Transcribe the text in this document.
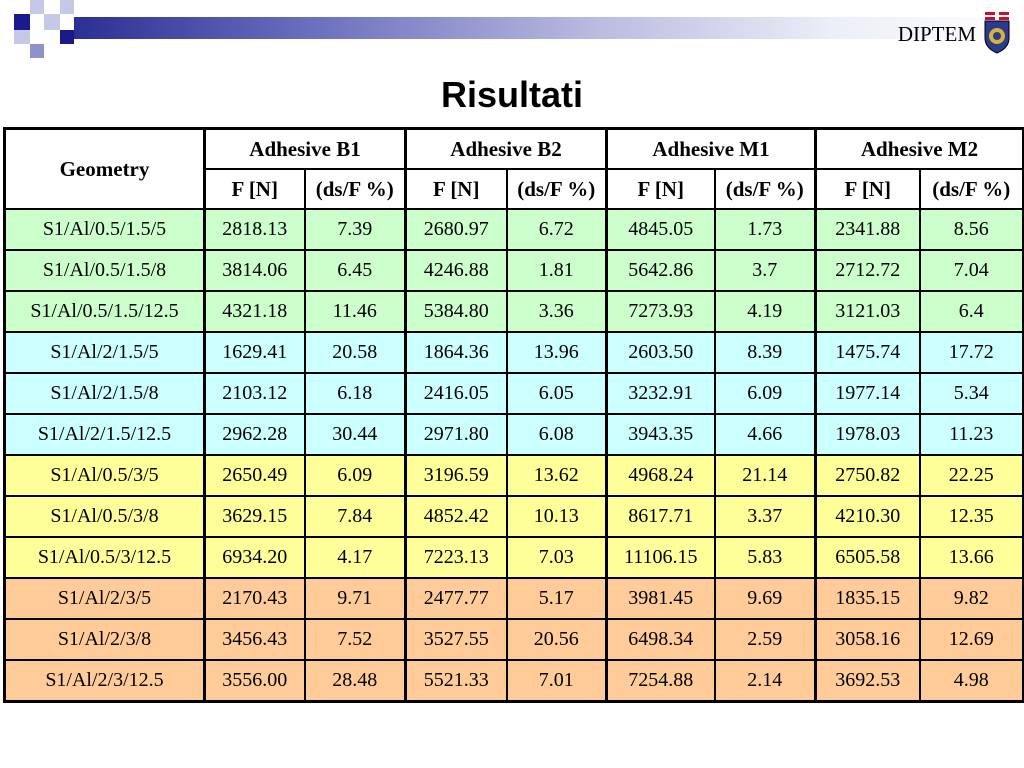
DIPTEM
Risultati
Geometry	Adhesive B1		Adhesive B2		Adhesive M1		Adhesive M2	
	F [N]	(ds/F %)	F [N]	(ds/F %)	F [N]	(ds/F %)	F [N]	(ds/F %)
S1/Al/0.5/1.5/5	2818.13	7.39	2680.97	6.72	4845.05	1.73	2341.88	8.56
S1/Al/0.5/1.5/8	3814.06	6.45	4246.88	1.81	5642.86	3.7	2712.72	7.04
S1/Al/0.5/1.5/12.5	4321.18	11.46	5384.80	3.36	7273.93	4.19	3121.03	6.4
S1/Al/2/1.5/5	1629.41	20.58	1864.36	13.96	2603.50	8.39	1475.74	17.72
S1/Al/2/1.5/8	2103.12	6.18	2416.05	6.05	3232.91	6.09	1977.14	5.34
S1/Al/2/1.5/12.5	2962.28	30.44	2971.80	6.08	3943.35	4.66	1978.03	11.23
S1/Al/0.5/3/5	2650.49	6.09	3196.59	13.62	4968.24	21.14	2750.82	22.25
S1/Al/0.5/3/8	3629.15	7.84	4852.42	10.13	8617.71	3.37	4210.30	12.35
S1/Al/0.5/3/12.5	6934.20	4.17	7223.13	7.03	11106.15	5.83	6505.58	13.66
S1/Al/2/3/5	2170.43	9.71	2477.77	5.17	3981.45	9.69	1835.15	9.82
S1/Al/2/3/8	3456.43	7.52	3527.55	20.56	6498.34	2.59	3058.16	12.69
S1/Al/2/3/12.5	3556.00	28.48	5521.33	7.01	7254.88	2.14	3692.53	4.98
